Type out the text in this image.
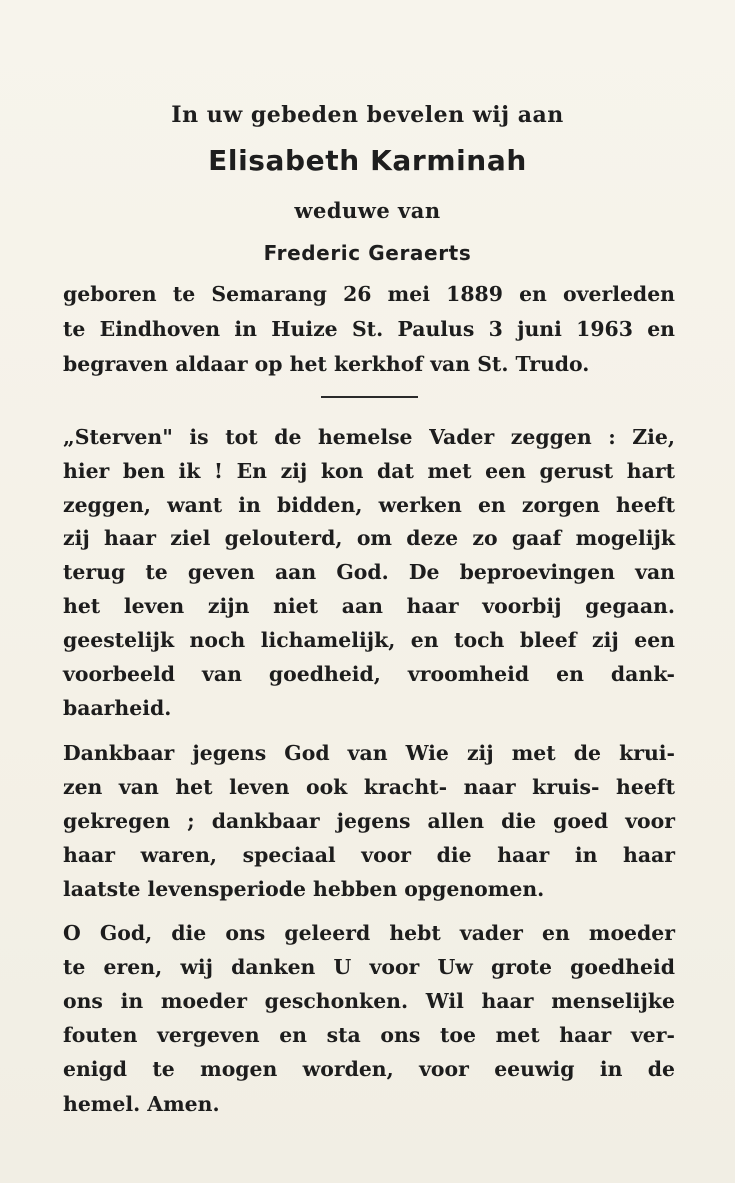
In uw gebeden bevelen wij aan
Elisabeth Karminah
weduwe van
Frederic Geraerts
geboren te Semarang 26 mei 1889 en overleden
te Eindhoven in Huize St. Paulus 3 juni 1963 en
begraven aldaar op het kerkhof van St. Trudo.
„Sterven" is tot de hemelse Vader zeggen : Zie,
hier ben ik ! En zij kon dat met een gerust hart
zeggen, want in bidden, werken en zorgen heeft
zij haar ziel gelouterd, om deze zo gaaf mogelijk
terug te geven aan God. De beproevingen van
het leven zijn niet aan haar voorbij gegaan.
geestelijk noch lichamelijk, en toch bleef zij een
voorbeeld van goedheid, vroomheid en dank-
baarheid.
Dankbaar jegens God van Wie zij met de krui-
zen van het leven ook kracht- naar kruis- heeft
gekregen ; dankbaar jegens allen die goed voor
haar waren, speciaal voor die haar in haar
laatste levensperiode hebben opgenomen.
O God, die ons geleerd hebt vader en moeder
te eren, wij danken U voor Uw grote goedheid
ons in moeder geschonken. Wil haar menselijke
fouten vergeven en sta ons toe met haar ver-
enigd te mogen worden, voor eeuwig in de
hemel. Amen.
